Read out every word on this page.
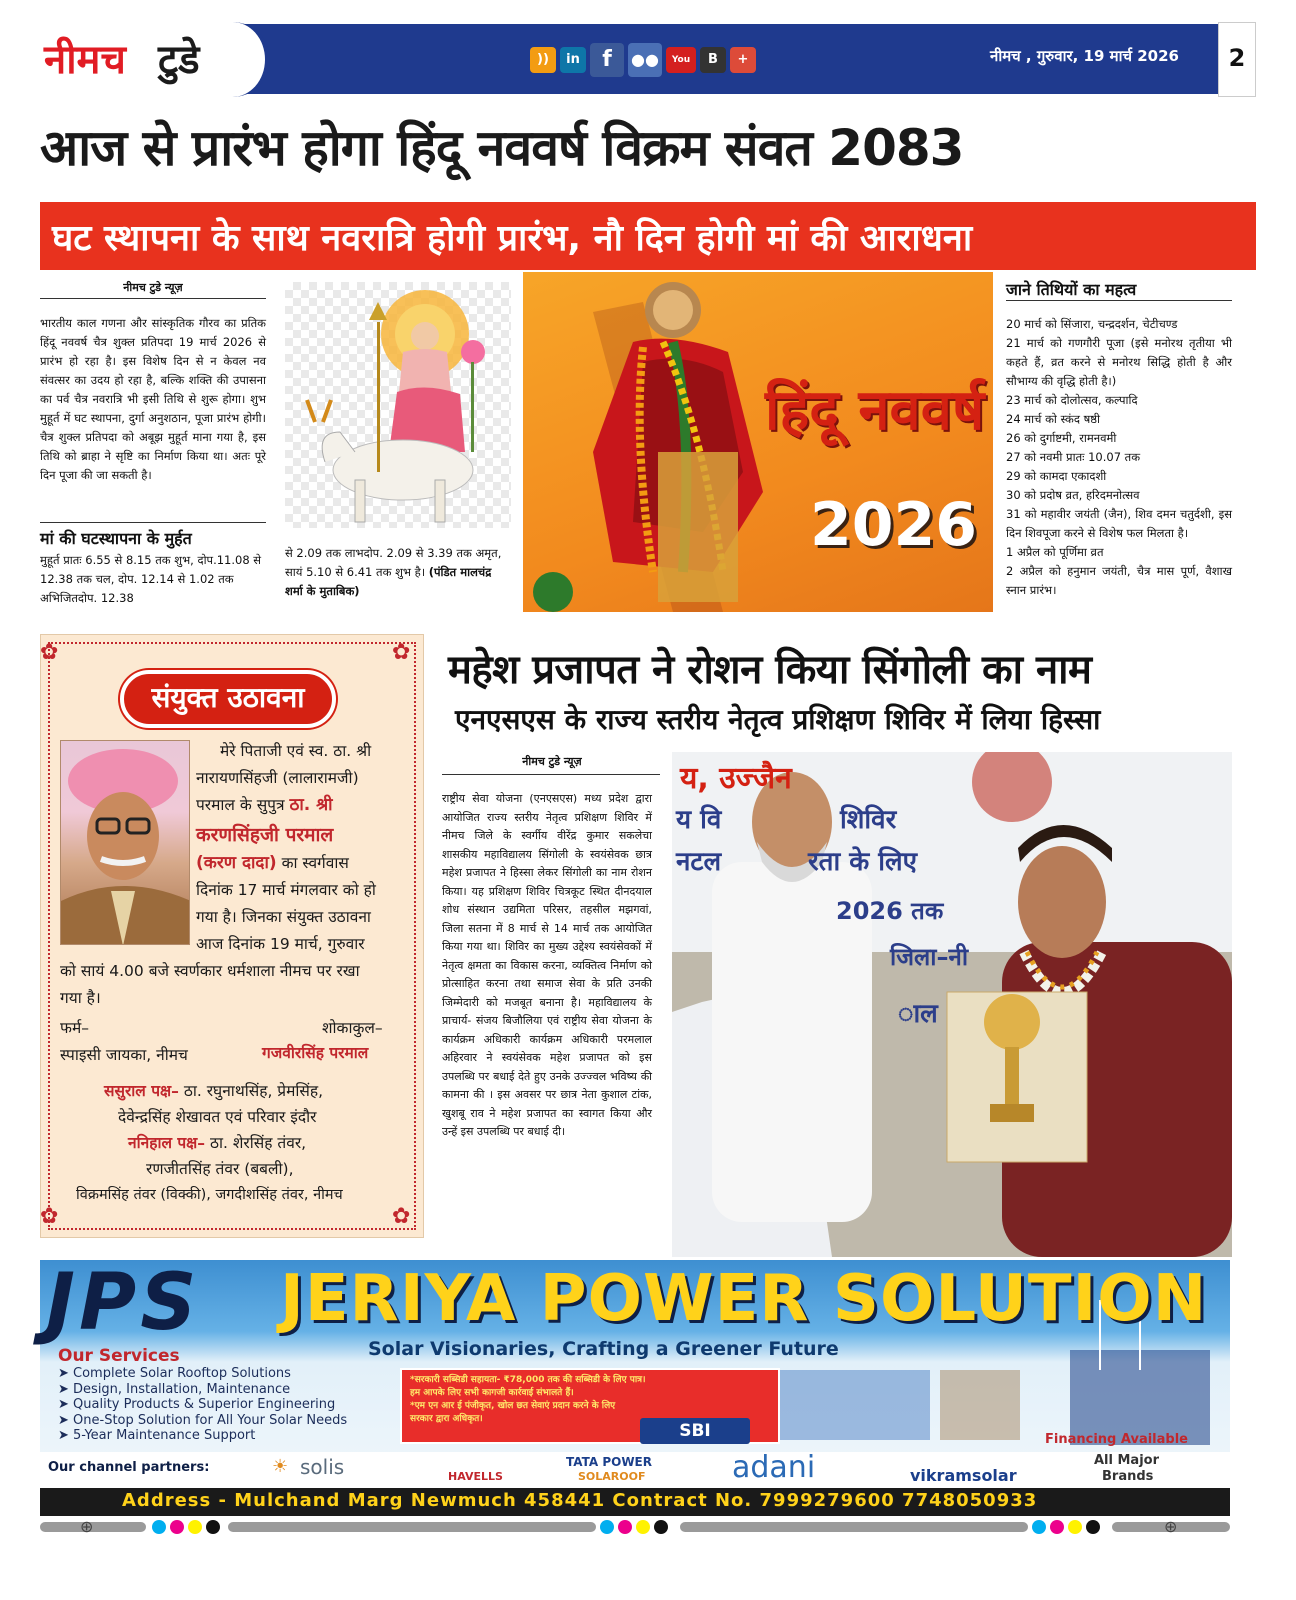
नीमच टुडे	))	in	f	●●	You	B	+	नीमच , गुरुवार, 19 मार्च 2026	2
आज से प्रारंभ होगा हिंदू नववर्ष विक्रम संवत 2083
घट स्थापना के साथ नवरात्रि होगी प्रारंभ, नौ दिन होगी मां की आराधना
नीमच टुडे न्यूज़
भारतीय काल गणना और सांस्कृतिक गौरव का प्रतिक हिंदू नववर्ष चैत्र शुक्ल प्रतिपदा 19 मार्च 2026 से प्रारंभ हो रहा है। इस विशेष दिन से न केवल नव संवत्सर का उदय हो रहा है, बल्कि शक्ति की उपासना का पर्व चैत्र नवरात्रि भी इसी तिथि से शुरू होगा। शुभ मुहूर्त में घट स्थापना, दुर्गा अनुशठान, पूजा प्रारंभ होगी। चैत्र शुक्ल प्रतिपदा को अबूझ मुहूर्त माना गया है, इस तिथि को ब्राहा ने सृष्टि का निर्माण किया था। अतः पूरे दिन पूजा की जा सकती है।
मां की घटस्थापना के मुर्हत
मुहूर्त प्रातः 6.55 से 8.15 तक शुभ, दोप.11.08 से 12.38 तक चल, दोप. 12.14 से 1.02 तक अभिजितदोप. 12.38
से 2.09 तक लाभदोप. 2.09 से 3.39 तक अमृत, सायं 5.10 से 6.41 तक शुभ है। (पंडित मालचंद्र शर्मा के मुताबिक)
हिंदू नववर्ष
2026
जाने तिथियों का महत्व
20 मार्च को सिंजारा, चन्द्रदर्शन, चेटीचण्ड
21 मार्च को गणगौरी पूजा (इसे मनोरथ तृतीया भी कहते हैं, व्रत करने से मनोरथ सिद्धि होती है और सौभाग्य की वृद्धि होती है।)
23 मार्च को दोलोत्सव, कल्पादि
24 मार्च को स्कंद षष्ठी
26 को दुर्गाष्टमी, रामनवमी
27 को नवमी प्रातः 10.07 तक
29 को कामदा एकादशी
30 को प्रदोष व्रत, हरिदमनोत्सव
31 को महावीर जयंती (जैन), शिव दमन चतुर्दशी, इस दिन शिवपूजा करने से विशेष फल मिलता है।
1 अप्रैल को पूर्णिमा व्रत
2 अप्रैल को हनुमान जयंती, चैत्र मास पूर्ण, वैशाख स्नान प्रारंभ।
✿	✿
✿	✿
संयुक्त उठावना
मेरे पिताजी एवं स्व. ठा. श्री
नारायणसिंहजी (लालारामजी)
परमाल के सुपुत्र ठा. श्री
करणसिंहजी परमाल
(करण दादा) का स्वर्गवास
दिनांक 17 मार्च मंगलवार को हो
गया है। जिनका संयुक्त उठावना
आज दिनांक 19 मार्च, गुरुवार
को सायं 4.00 बजे स्वर्णकार धर्मशाला नीमच पर रखा
गया है।
फर्म–	शोकाकुल–
स्पाइसी जायका, नीमच	गजवीरसिंह परमाल
ससुराल पक्ष– ठा. रघुनाथसिंह, प्रेमसिंह,
देवेन्द्रसिंह शेखावत एवं परिवार इंदौर
ननिहाल पक्ष– ठा. शेरसिंह तंवर,
रणजीतसिंह तंवर (बबली),
विक्रमसिंह तंवर (विक्की), जगदीशसिंह तंवर, नीमच
महेश प्रजापत ने रोशन किया सिंगोली का नाम
एनएसएस के राज्य स्तरीय नेतृत्व प्रशिक्षण शिविर में लिया हिस्सा
नीमच टुडे न्यूज़
राष्ट्रीय सेवा योजना (एनएसएस) मध्य प्रदेश द्वारा आयोजित राज्य स्तरीय नेतृत्व प्रशिक्षण शिविर में नीमच जिले के स्वर्गीय वीरेंद्र कुमार सकलेचा शासकीय महाविद्यालय सिंगोली के स्वयंसेवक छात्र महेश प्रजापत ने हिस्सा लेकर सिंगोली का नाम रोशन किया। यह प्रशिक्षण शिविर चित्रकूट स्थित दीनदयाल शोध संस्थान उद्यमिता परिसर, तहसील मझगवां, जिला सतना में 8 मार्च से 14 मार्च तक आयोजित किया गया था। शिविर का मुख्य उद्देश्य स्वयंसेवकों में नेतृत्व क्षमता का विकास करना, व्यक्तित्व निर्माण को प्रोत्साहित करना तथा समाज सेवा के प्रति उनकी जिम्मेदारी को मजबूत बनाना है। महाविद्यालय के प्राचार्य- संजय बिजौलिया एवं राष्ट्रीय सेवा योजना के कार्यक्रम अधिकारी कार्यक्रम अधिकारी परमलाल अहिरवार ने स्वयंसेवक महेश प्रजापत को इस उपलब्धि पर बधाई देते हुए उनके उज्ज्वल भविष्य की कामना की । इस अवसर पर छात्र नेता कुशाल टांक, खुशबू राव ने महेश प्रजापत का स्वागत किया और उन्हें इस उपलब्धि पर बधाई दी।
य, उज्जैन
य वि	शिविर
नटल	रता के लिए
2026 तक
जिला–नी
ाल
JPS JERIYA POWER SOLUTION
Solar Visionaries, Crafting a Greener Future
Our Services
➤ Complete Solar Rooftop Solutions
➤ Design, Installation, Maintenance
➤ Quality Products & Superior Engineering
➤ One-Stop Solution for All Your Solar Needs
➤ 5-Year Maintenance Support
*सरकारी सब्सिडी सहायता- ₹78,000 तक की सब्सिडी के लिए पात्र।
हम आपके लिए सभी कागजी कार्रवाई संभालते हैं।
*एम एन आर ई पंजीकृत, खोल छत सेवाएं प्रदान करने के लिए
सरकार द्वारा अधिकृत।
SBI	Financing Available
Our channel partners:	solis
☀	HAVELLS
TATA POWER
SOLAROOF	adani	vikramsolar
All Major
Brands
Address - Mulchand Marg Newmuch 458441 Contract No. 7999279600 7748050933
⊕	⊕
